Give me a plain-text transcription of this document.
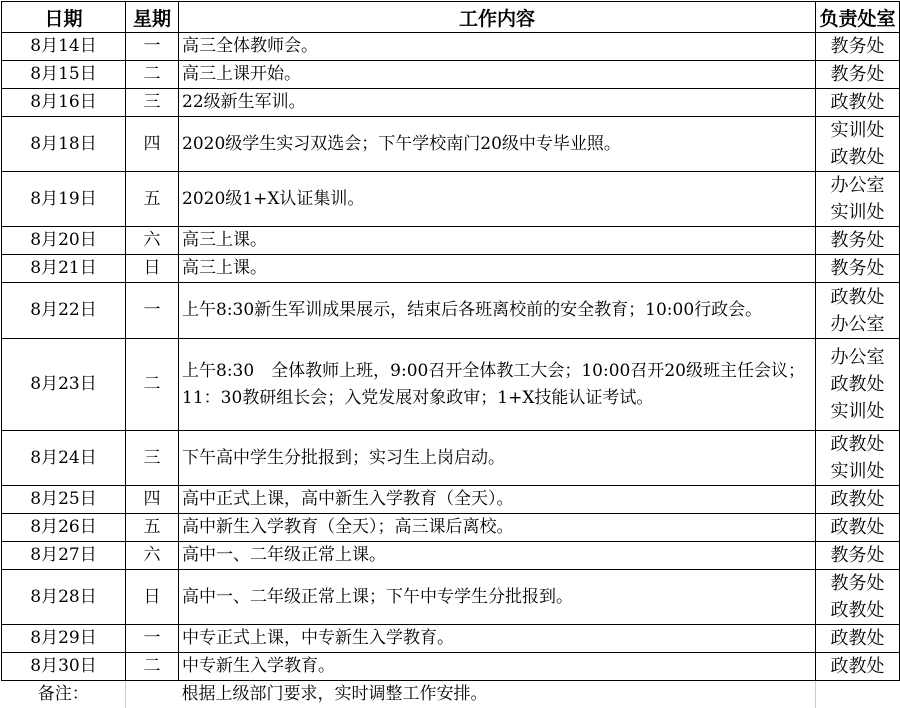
日期	星期	工作内容	负责处室
8月14日	一	高三全体教师会。	教务处
8月15日	二	高三上课开始。	教务处
8月16日	三	22级新生军训。	政教处
8月18日	四	2020级学生实习双选会；下午学校南门20级中专毕业照。	实训处
政教处
8月19日	五	2020级1+X认证集训。	办公室
实训处
8月20日	六	高三上课。	教务处
8月21日	日	高三上课。	教务处
8月22日	一	上午8:30新生军训成果展示，结束后各班离校前的安全教育；10:00行政会。	政教处
办公室
8月23日	二	上午8:30　全体教师上班，9:00召开全体教工大会；10:00召开20级班主任会议；11：30教研组长会；入党发展对象政审；1+X技能认证考试。	办公室
政教处
实训处
8月24日	三	下午高中学生分批报到；实习生上岗启动。	政教处
实训处
8月25日	四	高中正式上课，高中新生入学教育（全天）。	政教处
8月26日	五	高中新生入学教育（全天）；高三课后离校。	政教处
8月27日	六	高中一、二年级正常上课。	教务处
8月28日	日	高中一、二年级正常上课；下午中专学生分批报到。	教务处
政教处
8月29日	一	中专正式上课，中专新生入学教育。	政教处
8月30日	二	中专新生入学教育。	政教处
备注：		根据上级部门要求，实时调整工作安排。	
